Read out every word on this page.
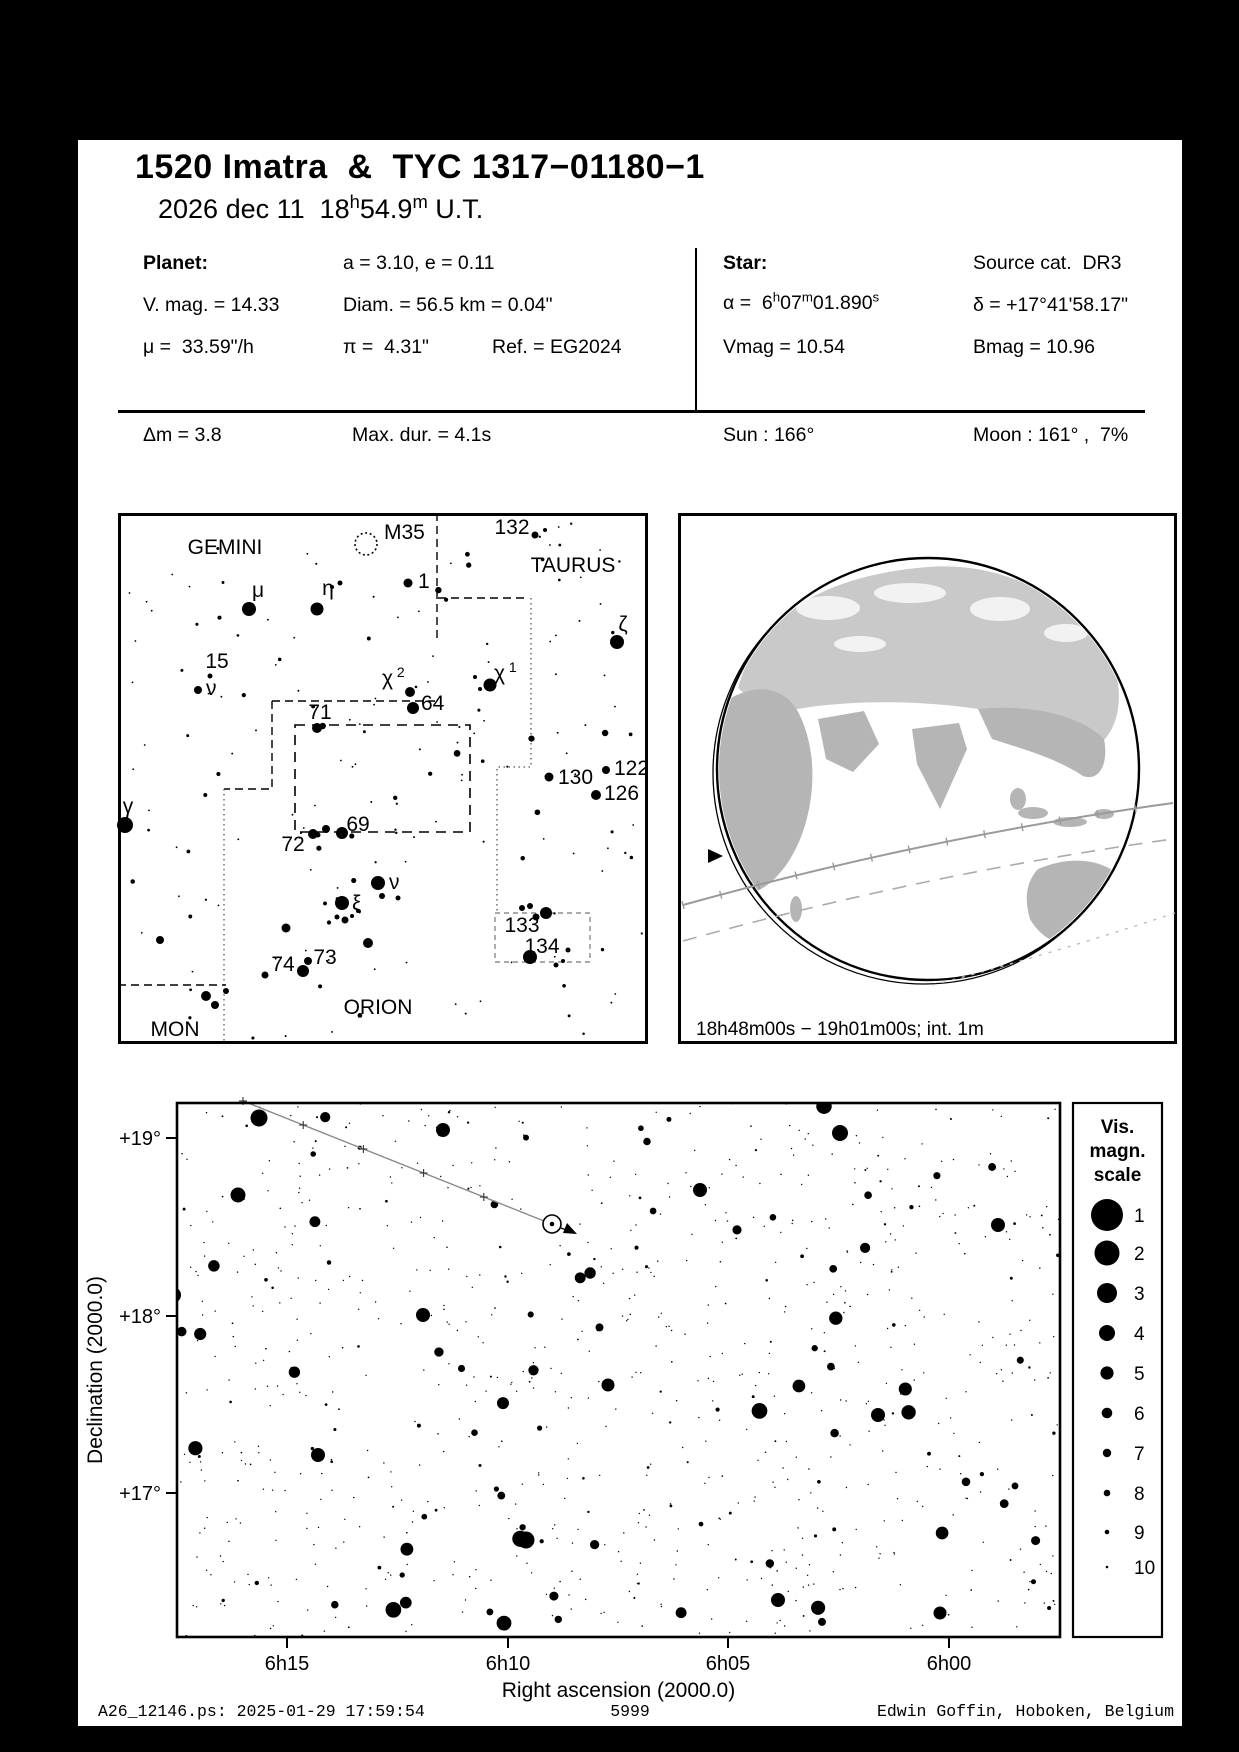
1520 Imatra  &  TYC 1317−01180−1
2026 dec 11  18$^h$54.9$^m$ U.T.
Planet:	a = 3.10, e = 0.11	Star:	Source cat.  DR3
V. mag. = 14.33	Diam. = 56.5 km = 0.04"	α =  6$^h$07$^m$01.890$^s$	δ = +17°41'58.17"
μ =  33.59"/h	π =  4.31"	Ref. = EG2024	Vmag = 10.54	Bmag = 10.96
Δm = 3.8	Max. dur. = 4.1s	Sun : 166°	Moon : 161° ,  7%
GEMINI
M35	132
TAURUS
1
μ	η
15
ν
ζ
χ $^2$
64
χ $^1$
71
130 122
126
γ
69
72
ν
ξ
133
134
74 73
ORION
MON	18h48m00s − 19h01m00s; int. 1m
+19°
+18°
+17°
6h15	6h10	6h05	6h00
Right ascension (2000.0)
Declination (2000.0)
Vis.
magn.
scale
1
2
3
4
5
6
7
8
9
10
A26_12146.ps: 2025-01-29 17:59:54	5999	Edwin Goffin, Hoboken, Belgium
